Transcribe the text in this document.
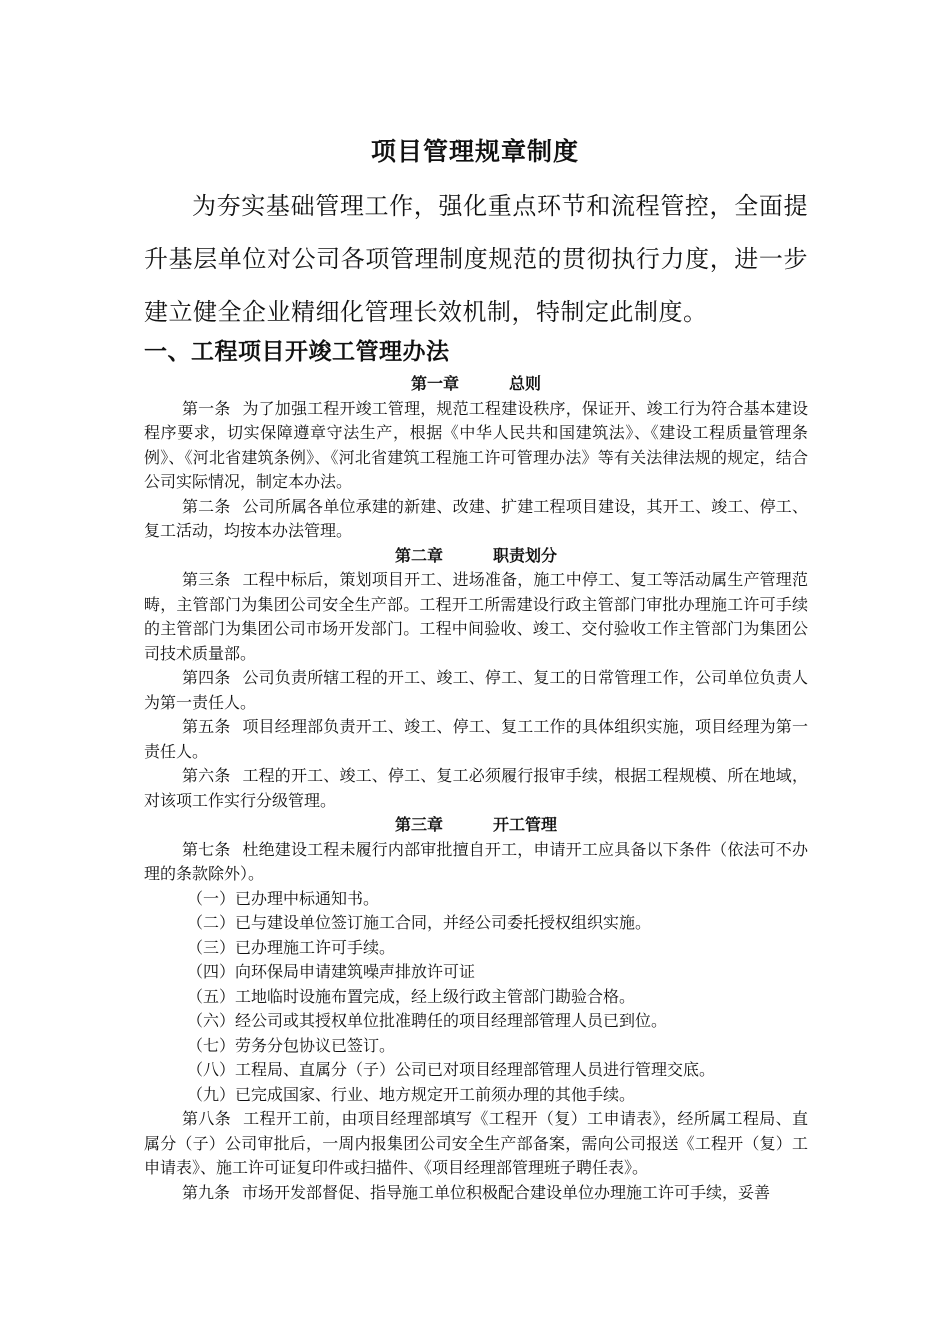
项目管理规章制度

为夯实基础管理工作，强化重点环节和流程管控，全面提升基层单位对公司各项管理制度规范的贯彻执行力度，进一步建立健全企业精细化管理长效机制，特制定此制度。

一、工程项目开竣工管理办法

第一章	总则

第一条 为了加强工程开竣工管理，规范工程建设秩序，保证开、竣工行为符合基本建设程序要求，切实保障遵章守法生产，根据《中华人民共和国建筑法》、《建设工程质量管理条例》、《河北省建筑条例》、《河北省建筑工程施工许可管理办法》等有关法律法规的规定，结合公司实际情况，制定本办法。

第二条 公司所属各单位承建的新建、改建、扩建工程项目建设，其开工、竣工、停工、复工活动，均按本办法管理。

第二章	职责划分

第三条 工程中标后，策划项目开工、进场准备，施工中停工、复工等活动属生产管理范畴，主管部门为集团公司安全生产部。工程开工所需建设行政主管部门审批办理施工许可手续的主管部门为集团公司市场开发部门。工程中间验收、竣工、交付验收工作主管部门为集团公司技术质量部。

第四条 公司负责所辖工程的开工、竣工、停工、复工的日常管理工作，公司单位负责人为第一责任人。

第五条 项目经理部负责开工、竣工、停工、复工工作的具体组织实施，项目经理为第一责任人。

第六条 工程的开工、竣工、停工、复工必须履行报审手续，根据工程规模、所在地域，对该项工作实行分级管理。

第三章	开工管理

第七条 杜绝建设工程未履行内部审批擅自开工，申请开工应具备以下条件（依法可不办理的条款除外）。

（一）已办理中标通知书。

（二）已与建设单位签订施工合同，并经公司委托授权组织实施。

（三）已办理施工许可手续。

（四）向环保局申请建筑噪声排放许可证

（五）工地临时设施布置完成，经上级行政主管部门勘验合格。

（六）经公司或其授权单位批准聘任的项目经理部管理人员已到位。

（七）劳务分包协议已签订。

（八）工程局、直属分（子）公司已对项目经理部管理人员进行管理交底。

（九）已完成国家、行业、地方规定开工前须办理的其他手续。

第八条 工程开工前，由项目经理部填写《工程开（复）工申请表》，经所属工程局、直属分（子）公司审批后，一周内报集团公司安全生产部备案，需向公司报送《工程开（复）工申请表》、施工许可证复印件或扫描件、《项目经理部管理班子聘任表》。

第九条 市场开发部督促、指导施工单位积极配合建设单位办理施工许可手续，妥善
